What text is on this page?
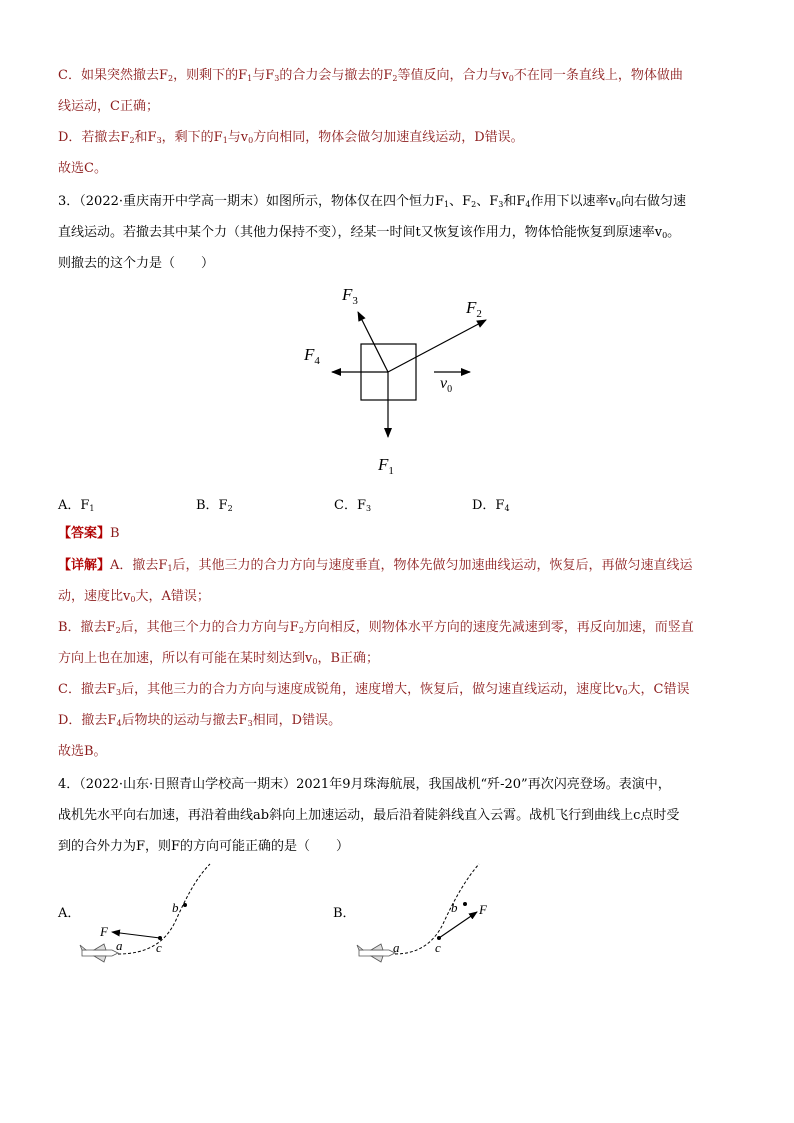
C．如果突然撤去$F_2$，则剩下的$F_1$与$F_3$的合力会与撤去的$F_2$等值反向，合力与$v_0$不在同一条直线上，物体做曲
线运动，C正确；
D．若撤去$F_2$和$F_3$，剩下的$F_1$与$v_0$方向相同，物体会做匀加速直线运动，D错误。
故选C。
3．（2022·重庆南开中学高一期末）如图所示，物体仅在四个恒力$F_1$、$F_2$、$F_3$和$F_4$作用下以速率$v_0$向右做匀速
直线运动。若撤去其中某个力（其他力保持不变），经某一时间t又恢复该作用力，物体恰能恢复到原速率$v_0$。
则撤去的这个力是（　　）
$F_1$
$F_2$
$F_3$
$F_4$
$v_0$
A．$F_1$	B．$F_2$	C．$F_3$	D．$F_4$
【答案】B
【详解】A．撤去$F_1$后，其他三力的合力方向与速度垂直，物体先做匀加速曲线运动，恢复后，再做匀速直线运
动，速度比$v_0$大，A错误；
B．撤去$F_2$后，其他三个力的合力方向与$F_2$方向相反，则物体水平方向的速度先减速到零，再反向加速，而竖直
方向上也在加速，所以有可能在某时刻达到$v_0$，B正确；
C．撤去$F_3$后，其他三力的合力方向与速度成锐角，速度增大，恢复后，做匀速直线运动，速度比$v_0$大，C错误
D．撤去$F_4$后物块的运动与撤去$F_3$相同，D错误。
故选B。
4．（2022·山东·日照青山学校高一期末）2021年9月珠海航展，我国战机“歼-20”再次闪亮登场。表演中，
战机先水平向右加速，再沿着曲线ab斜向上加速运动，最后沿着陡斜线直入云霄。战机飞行到曲线上c点时受
到的合外力为F，则F的方向可能正确的是（　　）
A．	B．
F
a
b
c
F
a
b
c
